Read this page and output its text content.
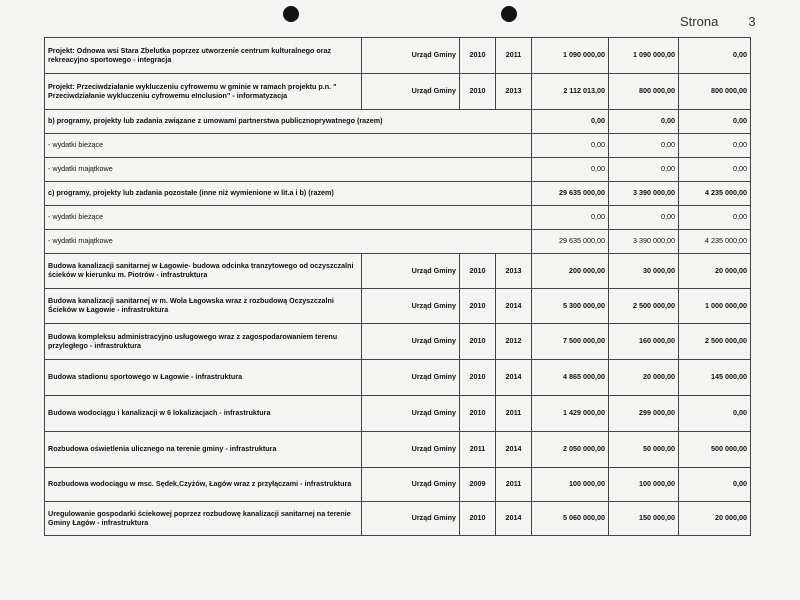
Strona 3
Projekt: Odnowa wsi Stara Zbelutka poprzez utworzenie centrum kulturalnego oraz rekreacyjno sportowego - integracja	Urząd Gminy	2010	2011	1 090 000,00	1 090 000,00	0,00
Projekt: Przeciwdziałanie wykluczeniu cyfrowemu w gminie w ramach projektu p.n. " Przeciwdziałanie wykluczeniu cyfrowemu eInclusion" - informatyzacja	Urząd Gminy	2010	2013	2 112 013,00	800 000,00	800 000,00
b) programy, projekty lub zadania związane z umowami partnerstwa publicznoprywatnego (razem)				0,00	0,00	0,00
- wydatki bieżące				0,00	0,00	0,00
- wydatki majątkowe				0,00	0,00	0,00
c) programy, projekty lub zadania pozostałe (inne niż wymienione w lit.a i b) (razem)				29 635 000,00	3 390 000,00	4 235 000,00
- wydatki bieżące				0,00	0,00	0,00
- wydatki majątkowe				29 635 000,00	3 390 000,00	4 235 000,00
Budowa kanalizacji sanitarnej w Łagowie- budowa odcinka tranzytowego od oczyszczalni ścieków w kierunku m. Piotrów - infrastruktura	Urząd Gminy	2010	2013	200 000,00	30 000,00	20 000,00
Budowa kanalizacji sanitarnej w m. Wola Łagowska wraz z rozbudową Oczyszczalni Ścieków w Łagowie - infrastruktura	Urząd Gminy	2010	2014	5 300 000,00	2 500 000,00	1 000 000,00
Budowa kompleksu administracyjno usługowego wraz z zagospodarowaniem terenu przyległego - infrastruktura	Urząd Gminy	2010	2012	7 500 000,00	160 000,00	2 500 000,00
Budowa stadionu sportowego w Łagowie - infrastruktura	Urząd Gminy	2010	2014	4 865 000,00	20 000,00	145 000,00
Budowa wodociągu i kanalizacji w 6 lokalizacjach - infrastruktura	Urząd Gminy	2010	2011	1 429 000,00	299 000,00	0,00
Rozbudowa oświetlenia ulicznego na terenie gminy - infrastruktura	Urząd Gminy	2011	2014	2 050 000,00	50 000,00	500 000,00
Rozbudowa wodociągu w msc. Sędek,Czyżów, Łagów wraz z przyłączami - infrastruktura	Urząd Gminy	2009	2011	100 000,00	100 000,00	0,00
Uregulowanie gospodarki ściekowej poprzez rozbudowę kanalizacji sanitarnej na terenie Gminy Łagów - infrastruktura	Urząd Gminy	2010	2014	5 060 000,00	150 000,00	20 000,00
